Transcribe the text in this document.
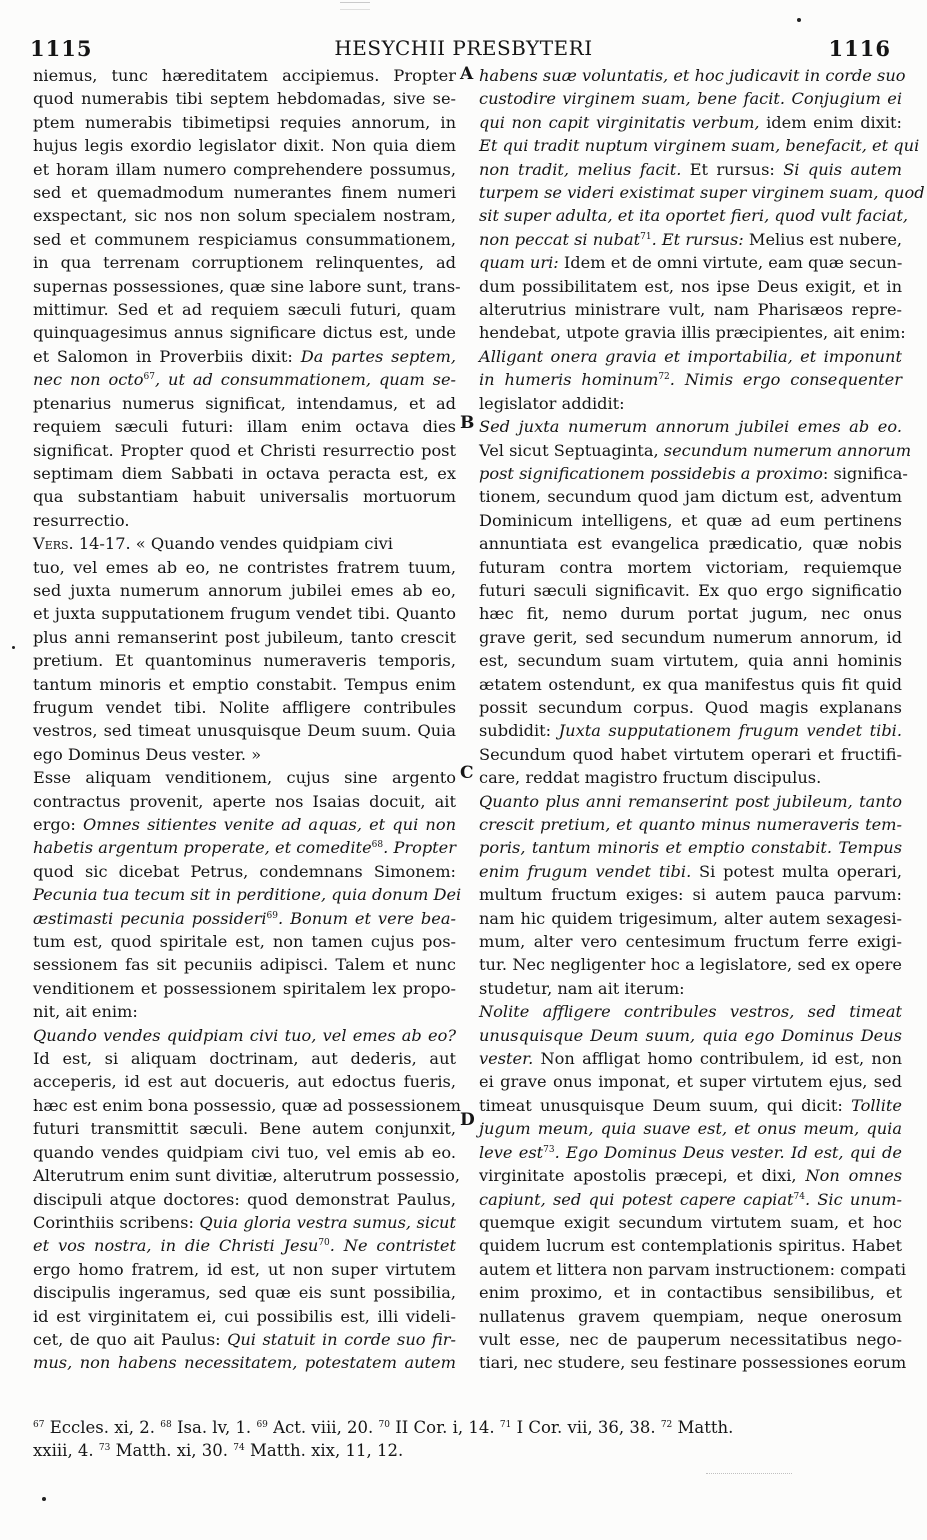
1115	HESYCHII PRESBYTERI	1116
niemus, tunc hæreditatem accipiemus. Propter
quod numerabis tibi septem hebdomadas, sive se-
ptem numerabis tibimetipsi requies annorum, in
hujus legis exordio legislator dixit. Non quia diem
et horam illam numero comprehendere possumus,
sed et quemadmodum numerantes finem numeri
exspectant, sic nos non solum specialem nostram,
sed et communem respiciamus consummationem,
in qua terrenam corruptionem relinquentes, ad
supernas possessiones, quæ sine labore sunt, trans-
mittimur. Sed et ad requiem sæculi futuri, quam
quinquagesimus annus significare dictus est, unde
et Salomon in Proverbiis dixit: Da partes septem,
nec non octo$^{67}$, ut ad consummationem, quam se-
ptenarius numerus significat, intendamus, et ad
requiem sæculi futuri: illam enim octava dies
significat. Propter quod et Christi resurrectio post
septimam diem Sabbati in octava peracta est, ex
qua substantiam habuit universalis mortuorum
resurrectio.
Vers. 14-17. « Quando vendes quidpiam civi
tuo, vel emes ab eo, ne contristes fratrem tuum,
sed juxta numerum annorum jubilei emes ab eo,
et juxta supputationem frugum vendet tibi. Quanto
plus anni remanserint post jubileum, tanto crescit
pretium. Et quantominus numeraveris temporis,
tantum minoris et emptio constabit. Tempus enim
frugum vendet tibi. Nolite affligere contribules
vestros, sed timeat unusquisque Deum suum. Quia
ego Dominus Deus vester. »
Esse aliquam venditionem, cujus sine argento
contractus provenit, aperte nos Isaias docuit, ait
ergo: Omnes sitientes venite ad aquas, et qui non
habetis argentum properate, et comedite$^{68}$. Propter
quod sic dicebat Petrus, condemnans Simonem:
Pecunia tua tecum sit in perditione, quia donum Dei
æstimasti pecunia possideri$^{69}$. Bonum et vere bea-
tum est, quod spiritale est, non tamen cujus pos-
sessionem fas sit pecuniis adipisci. Talem et nunc
venditionem et possessionem spiritalem lex propo-
nit, ait enim:
Quando vendes quidpiam civi tuo, vel emes ab eo?
Id est, si aliquam doctrinam, aut dederis, aut
acceperis, id est aut docueris, aut edoctus fueris,
hæc est enim bona possessio, quæ ad possessionem
futuri transmittit sæculi. Bene autem conjunxit,
quando vendes quidpiam civi tuo, vel emis ab eo.
Alterutrum enim sunt divitiæ, alterutrum possessio,
discipuli atque doctores: quod demonstrat Paulus,
Corinthiis scribens: Quia gloria vestra sumus, sicut
et vos nostra, in die Christi Jesu$^{70}$. Ne contristet
ergo homo fratrem, id est, ut non super virtutem
discipulis ingeramus, sed quæ eis sunt possibilia,
id est virginitatem ei, cui possibilis est, illi videli-
cet, de quo ait Paulus: Qui statuit in corde suo fir-
mus, non habens necessitatem, potestatem autem
habens suæ voluntatis, et hoc judicavit in corde suo
custodire virginem suam, bene facit. Conjugium ei
qui non capit virginitatis verbum, idem enim dixit:
Et qui tradit nuptum virginem suam, benefacit, et qui
non tradit, melius facit. Et rursus: Si quis autem
turpem se videri existimat super virginem suam, quod
sit super adulta, et ita oportet fieri, quod vult faciat,
non peccat si nubat$^{71}$. Et rursus: Melius est nubere,
quam uri: Idem et de omni virtute, eam quæ secun-
dum possibilitatem est, nos ipse Deus exigit, et in
alterutrius ministrare vult, nam Pharisæos repre-
hendebat, utpote gravia illis præcipientes, ait enim:
Alligant onera gravia et importabilia, et imponunt
in humeris hominum$^{72}$. Nimis ergo consequenter
legislator addidit:
Sed juxta numerum annorum jubilei emes ab eo.
Vel sicut Septuaginta, secundum numerum annorum
post significationem possidebis a proximo: significa-
tionem, secundum quod jam dictum est, adventum
Dominicum intelligens, et quæ ad eum pertinens
annuntiata est evangelica prædicatio, quæ nobis
futuram contra mortem victoriam, requiemque
futuri sæculi significavit. Ex quo ergo significatio
hæc fit, nemo durum portat jugum, nec onus
grave gerit, sed secundum numerum annorum, id
est, secundum suam virtutem, quia anni hominis
ætatem ostendunt, ex qua manifestus quis fit quid
possit secundum corpus. Quod magis explanans
subdidit: Juxta supputationem frugum vendet tibi.
Secundum quod habet virtutem operari et fructifi-
care, reddat magistro fructum discipulus.
Quanto plus anni remanserint post jubileum, tanto
crescit pretium, et quanto minus numeraveris tem-
poris, tantum minoris et emptio constabit. Tempus
enim frugum vendet tibi. Si potest multa operari,
multum fructum exiges: si autem pauca parvum:
nam hic quidem trigesimum, alter autem sexagesi-
mum, alter vero centesimum fructum ferre exigi-
tur. Nec negligenter hoc a legislatore, sed ex opere
studetur, nam ait iterum:
Nolite affligere contribules vestros, sed timeat
unusquisque Deum suum, quia ego Dominus Deus
vester. Non affligat homo contribulem, id est, non
ei grave onus imponat, et super virtutem ejus, sed
timeat unusquisque Deum suum, qui dicit: Tollite
jugum meum, quia suave est, et onus meum, quia
leve est$^{73}$. Ego Dominus Deus vester. Id est, qui de
virginitate apostolis præcepi, et dixi, Non omnes
capiunt, sed qui potest capere capiat$^{74}$. Sic unum-
quemque exigit secundum virtutem suam, et hoc
quidem lucrum est contemplationis spiritus. Habet
autem et littera non parvam instructionem: compati
enim proximo, et in contactibus sensibilibus, et
nullatenus gravem quempiam, neque onerosum
vult esse, nec de pauperum necessitatibus nego-
tiari, nec studere, seu festinare possessiones eorum
A
B
C
D
$^{67}$ Eccles. xi, 2. $^{68}$ Isa. lv, 1. $^{69}$ Act. viii, 20. $^{70}$ II Cor. i, 14. $^{71}$ I Cor. vii, 36, 38. $^{72}$ Matth.
xxiii, 4. $^{73}$ Matth. xi, 30. $^{74}$ Matth. xix, 11, 12.
